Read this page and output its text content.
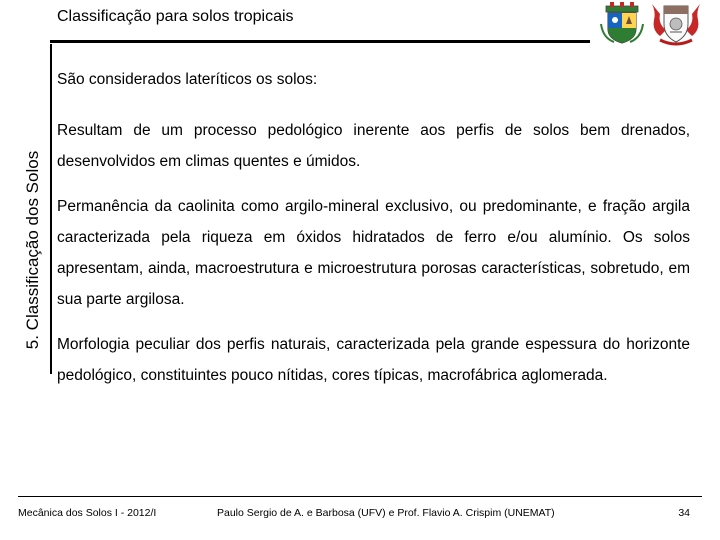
Classificação para solos tropicais
5. Classificação dos Solos
São considerados lateríticos os solos:
Resultam de um processo pedológico inerente aos perfis de solos bem drenados, desenvolvidos em climas quentes e úmidos.
Permanência da caolinita como argilo-mineral exclusivo, ou predominante, e fração argila caracterizada pela riqueza em óxidos hidratados de ferro e/ou alumínio. Os solos apresentam, ainda, macroestrutura e microestrutura porosas características, sobretudo, em sua parte argilosa.
Morfologia peculiar dos perfis naturais, caracterizada pela grande espessura do horizonte pedológico, constituintes pouco nítidas, cores típicas, macrofábrica aglomerada.
Mecânica dos Solos I - 2012/I	Paulo Sergio de A. e Barbosa (UFV) e Prof. Flavio A. Crispim (UNEMAT)	34
